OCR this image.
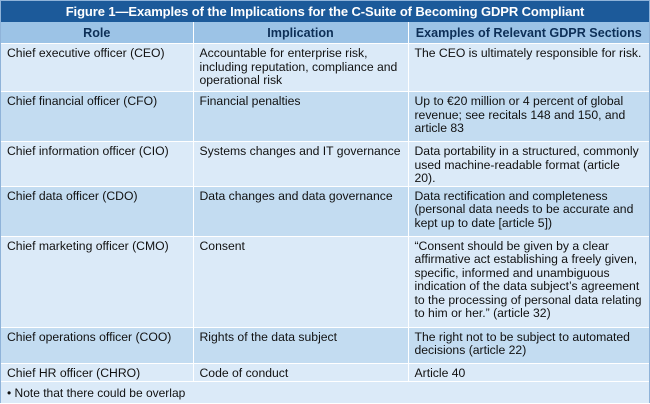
Figure 1—Examples of the Implications for the C-Suite of Becoming GDPR Compliant
Role	Implication	Examples of Relevant GDPR Sections
Chief executive officer (CEO)	Accountable for enterprise risk, including reputation, compliance and operational risk	The CEO is ultimately responsible for risk.
Chief financial officer (CFO)	Financial penalties	Up to €20 million or 4 percent of global revenue; see recitals 148 and 150, and article 83
Chief information officer (CIO)	Systems changes and IT governance	Data portability in a structured, commonly used machine-readable format (article 20).
Chief data officer (CDO)	Data changes and data governance	Data rectification and completeness (personal data needs to be accurate and kept up to date [article 5])
Chief marketing officer (CMO)	Consent	“Consent should be given by a clear affirmative act establishing a freely given, specific, informed and unambiguous indication of the data subject’s agreement to the processing of personal data relating to him or her.” (article 32)
Chief operations officer (COO)	Rights of the data subject	The right not to be subject to automated decisions (article 22)
Chief HR officer (CHRO)	Code of conduct	Article 40
• Note that there could be overlap
